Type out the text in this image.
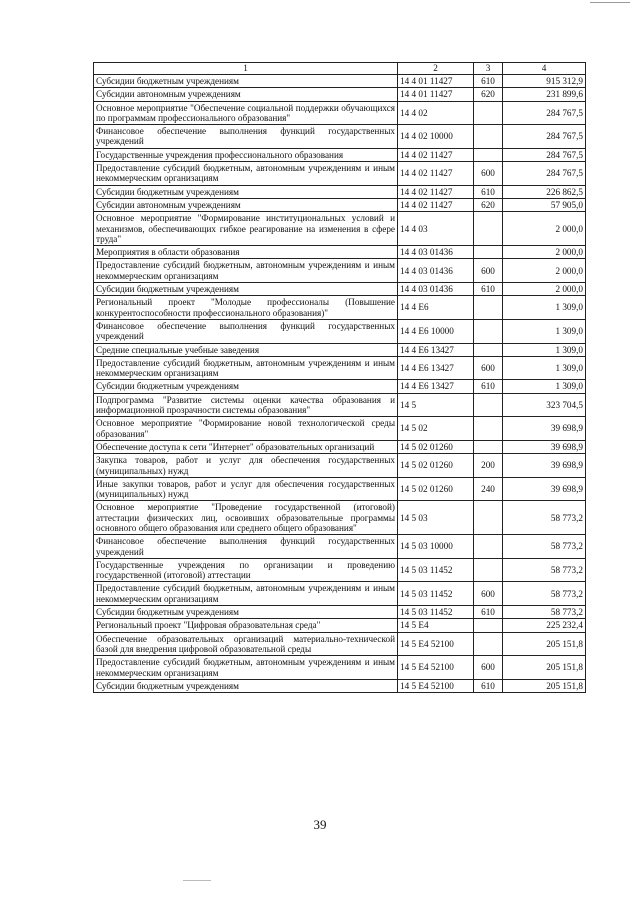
1	2	3	4
Субсидии бюджетным учреждениям	14 4 01 11427	610	915 312,9
Субсидии автономным учреждениям	14 4 01 11427	620	231 899,6
Основное мероприятие "Обеспечение социальной поддержки обучающихся по программам профессионального образования"	14 4 02		284 767,5
Финансовое обеспечение выполнения функций государственных учреждений	14 4 02 10000		284 767,5
Государственные учреждения профессионального образования	14 4 02 11427		284 767,5
Предоставление субсидий бюджетным, автономным учреждениям и иным некоммерческим организациям	14 4 02 11427	600	284 767,5
Субсидии бюджетным учреждениям	14 4 02 11427	610	226 862,5
Субсидии автономным учреждениям	14 4 02 11427	620	57 905,0
Основное мероприятие "Формирование институциональных условий и механизмов, обеспечивающих гибкое реагирование на изменения в сфере труда"	14 4 03		2 000,0
Мероприятия в области образования	14 4 03 01436		2 000,0
Предоставление субсидий бюджетным, автономным учреждениям и иным некоммерческим организациям	14 4 03 01436	600	2 000,0
Субсидии бюджетным учреждениям	14 4 03 01436	610	2 000,0
Региональный проект "Молодые профессионалы (Повышение конкурентоспособности профессионального образования)"	14 4 E6		1 309,0
Финансовое обеспечение выполнения функций государственных учреждений	14 4 E6 10000		1 309,0
Средние специальные учебные заведения	14 4 E6 13427		1 309,0
Предоставление субсидий бюджетным, автономным учреждениям и иным некоммерческим организациям	14 4 E6 13427	600	1 309,0
Субсидии бюджетным учреждениям	14 4 E6 13427	610	1 309,0
Подпрограмма "Развитие системы оценки качества образования и информационной прозрачности системы образования"	14 5		323 704,5
Основное мероприятие "Формирование новой технологической среды образования"	14 5 02		39 698,9
Обеспечение доступа к сети "Интернет" образовательных организаций	14 5 02 01260		39 698,9
Закупка товаров, работ и услуг для обеспечения государственных (муниципальных) нужд	14 5 02 01260	200	39 698,9
Иные закупки товаров, работ и услуг для обеспечения государственных (муниципальных) нужд	14 5 02 01260	240	39 698,9
Основное мероприятие "Проведение государственной (итоговой) аттестации физических лиц, освоивших образовательные программы основного общего образования или среднего общего образования"	14 5 03		58 773,2
Финансовое обеспечение выполнения функций государственных учреждений	14 5 03 10000		58 773,2
Государственные учреждения по организации и проведению государственной (итоговой) аттестации	14 5 03 11452		58 773,2
Предоставление субсидий бюджетным, автономным учреждениям и иным некоммерческим организациям	14 5 03 11452	600	58 773,2
Субсидии бюджетным учреждениям	14 5 03 11452	610	58 773,2
Региональный проект "Цифровая образовательная среда"	14 5 E4		225 232,4
Обеспечение образовательных организаций материально-технической базой для внедрения цифровой образовательной среды	14 5 E4 52100		205 151,8
Предоставление субсидий бюджетным, автономным учреждениям и иным некоммерческим организациям	14 5 E4 52100	600	205 151,8
Субсидии бюджетным учреждениям	14 5 E4 52100	610	205 151,8
39
